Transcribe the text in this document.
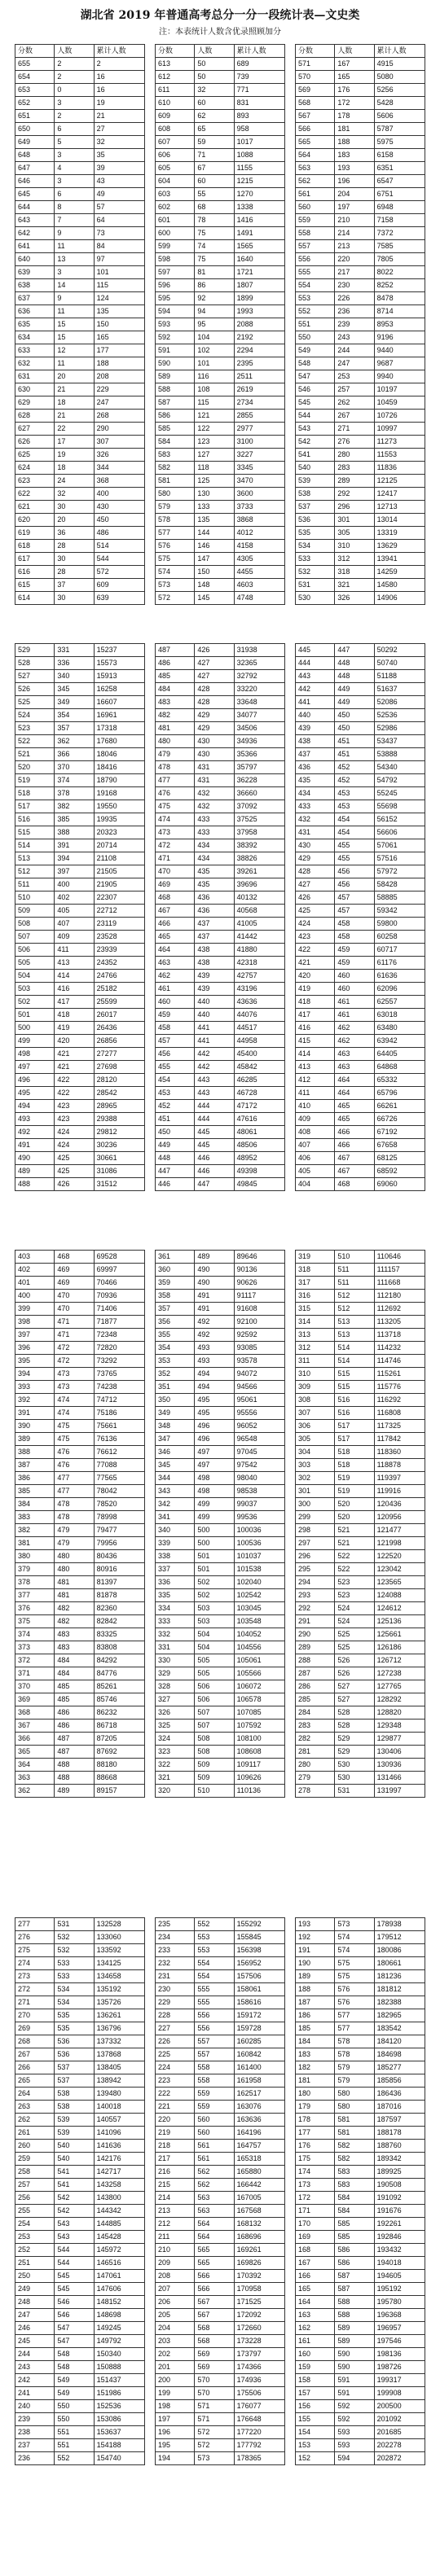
湖北省 2019 年普通高考总分一分一段统计表—文史类
注：本表统计人数含优录照顾加分
分数	人数	累计人数
655	2	2
654	2	16
653	0	16
652	3	19
651	2	21
650	6	27
649	5	32
648	3	35
647	4	39
646	3	43
645	6	49
644	8	57
643	7	64
642	9	73
641	11	84
640	13	97
639	3	101
638	14	115
637	9	124
636	11	135
635	15	150
634	15	165
633	12	177
632	11	188
631	20	208
630	21	229
629	18	247
628	21	268
627	22	290
626	17	307
625	19	326
624	18	344
623	24	368
622	32	400
621	30	430
620	20	450
619	36	486
618	28	514
617	30	544
616	28	572
615	37	609
614	30	639
分数	人数	累计人数
613	50	689
612	50	739
611	32	771
610	60	831
609	62	893
608	65	958
607	59	1017
606	71	1088
605	67	1155
604	60	1215
603	55	1270
602	68	1338
601	78	1416
600	75	1491
599	74	1565
598	75	1640
597	81	1721
596	86	1807
595	92	1899
594	94	1993
593	95	2088
592	104	2192
591	102	2294
590	101	2395
589	116	2511
588	108	2619
587	115	2734
586	121	2855
585	122	2977
584	123	3100
583	127	3227
582	118	3345
581	125	3470
580	130	3600
579	133	3733
578	135	3868
577	144	4012
576	146	4158
575	147	4305
574	150	4455
573	148	4603
572	145	4748
分数	人数	累计人数
571	167	4915
570	165	5080
569	176	5256
568	172	5428
567	178	5606
566	181	5787
565	188	5975
564	183	6158
563	193	6351
562	196	6547
561	204	6751
560	197	6948
559	210	7158
558	214	7372
557	213	7585
556	220	7805
555	217	8022
554	230	8252
553	226	8478
552	236	8714
551	239	8953
550	243	9196
549	244	9440
548	247	9687
547	253	9940
546	257	10197
545	262	10459
544	267	10726
543	271	10997
542	276	11273
541	280	11553
540	283	11836
539	289	12125
538	292	12417
537	296	12713
536	301	13014
535	305	13319
534	310	13629
533	312	13941
532	318	14259
531	321	14580
530	326	14906
529	331	15237
528	336	15573
527	340	15913
526	345	16258
525	349	16607
524	354	16961
523	357	17318
522	362	17680
521	366	18046
520	370	18416
519	374	18790
518	378	19168
517	382	19550
516	385	19935
515	388	20323
514	391	20714
513	394	21108
512	397	21505
511	400	21905
510	402	22307
509	405	22712
508	407	23119
507	409	23528
506	411	23939
505	413	24352
504	414	24766
503	416	25182
502	417	25599
501	418	26017
500	419	26436
499	420	26856
498	421	27277
497	421	27698
496	422	28120
495	422	28542
494	423	28965
493	423	29388
492	424	29812
491	424	30236
490	425	30661
489	425	31086
488	426	31512
487	426	31938
486	427	32365
485	427	32792
484	428	33220
483	428	33648
482	429	34077
481	429	34506
480	430	34936
479	430	35366
478	431	35797
477	431	36228
476	432	36660
475	432	37092
474	433	37525
473	433	37958
472	434	38392
471	434	38826
470	435	39261
469	435	39696
468	436	40132
467	436	40568
466	437	41005
465	437	41442
464	438	41880
463	438	42318
462	439	42757
461	439	43196
460	440	43636
459	440	44076
458	441	44517
457	441	44958
456	442	45400
455	442	45842
454	443	46285
453	443	46728
452	444	47172
451	444	47616
450	445	48061
449	445	48506
448	446	48952
447	446	49398
446	447	49845
445	447	50292
444	448	50740
443	448	51188
442	449	51637
441	449	52086
440	450	52536
439	450	52986
438	451	53437
437	451	53888
436	452	54340
435	452	54792
434	453	55245
433	453	55698
432	454	56152
431	454	56606
430	455	57061
429	455	57516
428	456	57972
427	456	58428
426	457	58885
425	457	59342
424	458	59800
423	458	60258
422	459	60717
421	459	61176
420	460	61636
419	460	62096
418	461	62557
417	461	63018
416	462	63480
415	462	63942
414	463	64405
413	463	64868
412	464	65332
411	464	65796
410	465	66261
409	465	66726
408	466	67192
407	466	67658
406	467	68125
405	467	68592
404	468	69060
403	468	69528
402	469	69997
401	469	70466
400	470	70936
399	470	71406
398	471	71877
397	471	72348
396	472	72820
395	472	73292
394	473	73765
393	473	74238
392	474	74712
391	474	75186
390	475	75661
389	475	76136
388	476	76612
387	476	77088
386	477	77565
385	477	78042
384	478	78520
383	478	78998
382	479	79477
381	479	79956
380	480	80436
379	480	80916
378	481	81397
377	481	81878
376	482	82360
375	482	82842
374	483	83325
373	483	83808
372	484	84292
371	484	84776
370	485	85261
369	485	85746
368	486	86232
367	486	86718
366	487	87205
365	487	87692
364	488	88180
363	488	88668
362	489	89157
361	489	89646
360	490	90136
359	490	90626
358	491	91117
357	491	91608
356	492	92100
355	492	92592
354	493	93085
353	493	93578
352	494	94072
351	494	94566
350	495	95061
349	495	95556
348	496	96052
347	496	96548
346	497	97045
345	497	97542
344	498	98040
343	498	98538
342	499	99037
341	499	99536
340	500	100036
339	500	100536
338	501	101037
337	501	101538
336	502	102040
335	502	102542
334	503	103045
333	503	103548
332	504	104052
331	504	104556
330	505	105061
329	505	105566
328	506	106072
327	506	106578
326	507	107085
325	507	107592
324	508	108100
323	508	108608
322	509	109117
321	509	109626
320	510	110136
319	510	110646
318	511	111157
317	511	111668
316	512	112180
315	512	112692
314	513	113205
313	513	113718
312	514	114232
311	514	114746
310	515	115261
309	515	115776
308	516	116292
307	516	116808
306	517	117325
305	517	117842
304	518	118360
303	518	118878
302	519	119397
301	519	119916
300	520	120436
299	520	120956
298	521	121477
297	521	121998
296	522	122520
295	522	123042
294	523	123565
293	523	124088
292	524	124612
291	524	125136
290	525	125661
289	525	126186
288	526	126712
287	526	127238
286	527	127765
285	527	128292
284	528	128820
283	528	129348
282	529	129877
281	529	130406
280	530	130936
279	530	131466
278	531	131997
277	531	132528
276	532	133060
275	532	133592
274	533	134125
273	533	134658
272	534	135192
271	534	135726
270	535	136261
269	535	136796
268	536	137332
267	536	137868
266	537	138405
265	537	138942
264	538	139480
263	538	140018
262	539	140557
261	539	141096
260	540	141636
259	540	142176
258	541	142717
257	541	143258
256	542	143800
255	542	144342
254	543	144885
253	543	145428
252	544	145972
251	544	146516
250	545	147061
249	545	147606
248	546	148152
247	546	148698
246	547	149245
245	547	149792
244	548	150340
243	548	150888
242	549	151437
241	549	151986
240	550	152536
239	550	153086
238	551	153637
237	551	154188
236	552	154740
235	552	155292
234	553	155845
233	553	156398
232	554	156952
231	554	157506
230	555	158061
229	555	158616
228	556	159172
227	556	159728
226	557	160285
225	557	160842
224	558	161400
223	558	161958
222	559	162517
221	559	163076
220	560	163636
219	560	164196
218	561	164757
217	561	165318
216	562	165880
215	562	166442
214	563	167005
213	563	167568
212	564	168132
211	564	168696
210	565	169261
209	565	169826
208	566	170392
207	566	170958
206	567	171525
205	567	172092
204	568	172660
203	568	173228
202	569	173797
201	569	174366
200	570	174936
199	570	175506
198	571	176077
197	571	176648
196	572	177220
195	572	177792
194	573	178365
193	573	178938
192	574	179512
191	574	180086
190	575	180661
189	575	181236
188	576	181812
187	576	182388
186	577	182965
185	577	183542
184	578	184120
183	578	184698
182	579	185277
181	579	185856
180	580	186436
179	580	187016
178	581	187597
177	581	188178
176	582	188760
175	582	189342
174	583	189925
173	583	190508
172	584	191092
171	584	191676
170	585	192261
169	585	192846
168	586	193432
167	586	194018
166	587	194605
165	587	195192
164	588	195780
163	588	196368
162	589	196957
161	589	197546
160	590	198136
159	590	198726
158	591	199317
157	591	199908
156	592	200500
155	592	201092
154	593	201685
153	593	202278
152	594	202872
